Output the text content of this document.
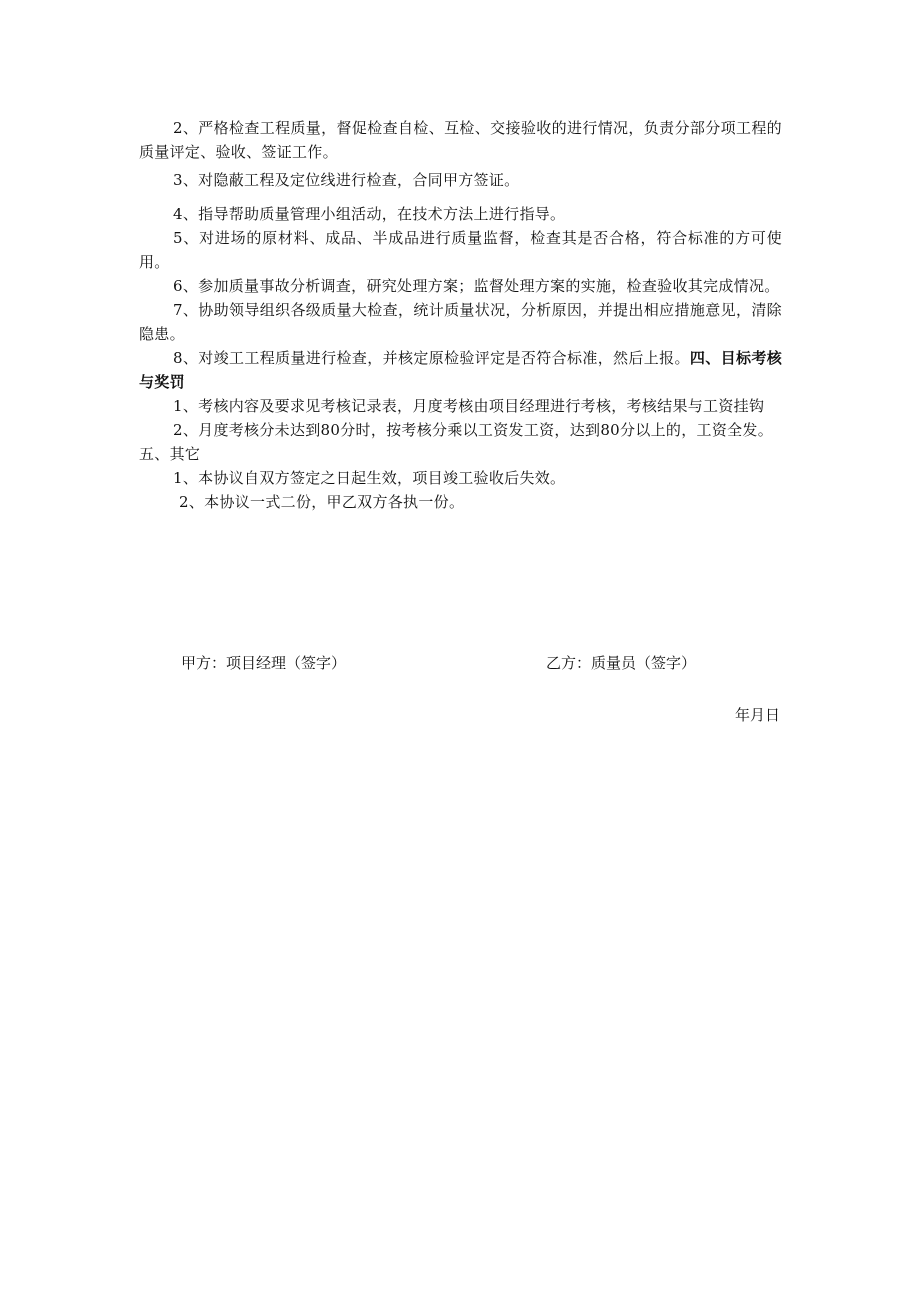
2、严格检查工程质量，督促检查自检、互检、交接验收的进行情况，负责分部分项工程的质量评定、验收、签证工作。

3、对隐蔽工程及定位线进行检查，合同甲方签证。

4、指导帮助质量管理小组活动，在技术方法上进行指导。

5、对进场的原材料、成品、半成品进行质量监督，检查其是否合格，符合标准的方可使用。

6、参加质量事故分析调查，研究处理方案；监督处理方案的实施，检查验收其完成情况。

7、协助领导组织各级质量大检查，统计质量状况，分析原因，并提出相应措施意见，清除隐患。

8、对竣工工程质量进行检查，并核定原检验评定是否符合标准，然后上报。四、目标考核与奖罚

1、考核内容及要求见考核记录表，月度考核由项目经理进行考核，考核结果与工资挂钩

2、月度考核分未达到80分时，按考核分乘以工资发工资，达到80分以上的，工资全发。

五、其它

1、本协议自双方签定之日起生效，项目竣工验收后失效。

2、本协议一式二份，甲乙双方各执一份。

甲方：项目经理（签字）	乙方：质量员（签字）
年月日
